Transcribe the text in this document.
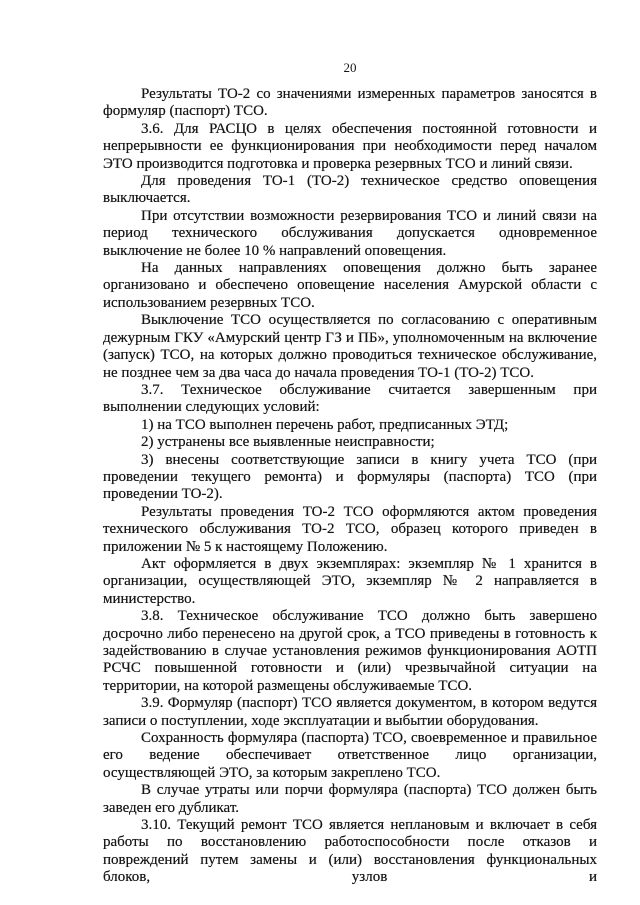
20

Результаты ТО-2 со значениями измеренных параметров заносятся в формуляр (паспорт) ТСО.

3.6. Для РАСЦО в целях обеспечения постоянной готовности и непрерывности ее функционирования при необходимости перед началом ЭТО производится подготовка и проверка резервных ТСО и линий связи.

Для проведения ТО-1 (ТО-2) техническое средство оповещения выключается.

При отсутствии возможности резервирования ТСО и линий связи на период технического обслуживания допускается одновременное выключение не более 10 % направлений оповещения.

На данных направлениях оповещения должно быть заранее организовано и обеспечено оповещение населения Амурской области с использованием резервных ТСО.

Выключение ТСО осуществляется по согласованию с оперативным дежурным ГКУ «Амурский центр ГЗ и ПБ», уполномоченным на включение (запуск) ТСО, на которых должно проводиться техническое обслуживание, не позднее чем за два часа до начала проведения ТО-1 (ТО-2) ТСО.

3.7. Техническое обслуживание считается завершенным при выполнении следующих условий:

1) на ТСО выполнен перечень работ, предписанных ЭТД;

2) устранены все выявленные неисправности;

3) внесены соответствующие записи в книгу учета ТСО (при проведении текущего ремонта) и формуляры (паспорта) ТСО (при проведении ТО-2).

Результаты проведения ТО-2 ТСО оформляются актом проведения технического обслуживания ТО-2 ТСО, образец которого приведен в приложении № 5 к настоящему Положению.

Акт оформляется в двух экземплярах: экземпляр № 1 хранится в организации, осуществляющей ЭТО, экземпляр № 2 направляется в министерство.

3.8. Техническое обслуживание ТСО должно быть завершено досрочно либо перенесено на другой срок, а ТСО приведены в готовность к задействованию в случае установления режимов функционирования АОТП РСЧС повышенной готовности и (или) чрезвычайной ситуации на территории, на которой размещены обслуживаемые ТСО.

3.9. Формуляр (паспорт) ТСО является документом, в котором ведутся записи о поступлении, ходе эксплуатации и выбытии оборудования.

Сохранность формуляра (паспорта) ТСО, своевременное и правильное его ведение обеспечивает ответственное лицо организации, осуществляющей ЭТО, за которым закреплено ТСО.

В случае утраты или порчи формуляра (паспорта) ТСО должен быть заведен его дубликат.

3.10. Текущий ремонт ТСО является неплановым и включает в себя работы по восстановлению работоспособности после отказов и повреждений путем замены и (или) восстановления функциональных блоков, узлов и
